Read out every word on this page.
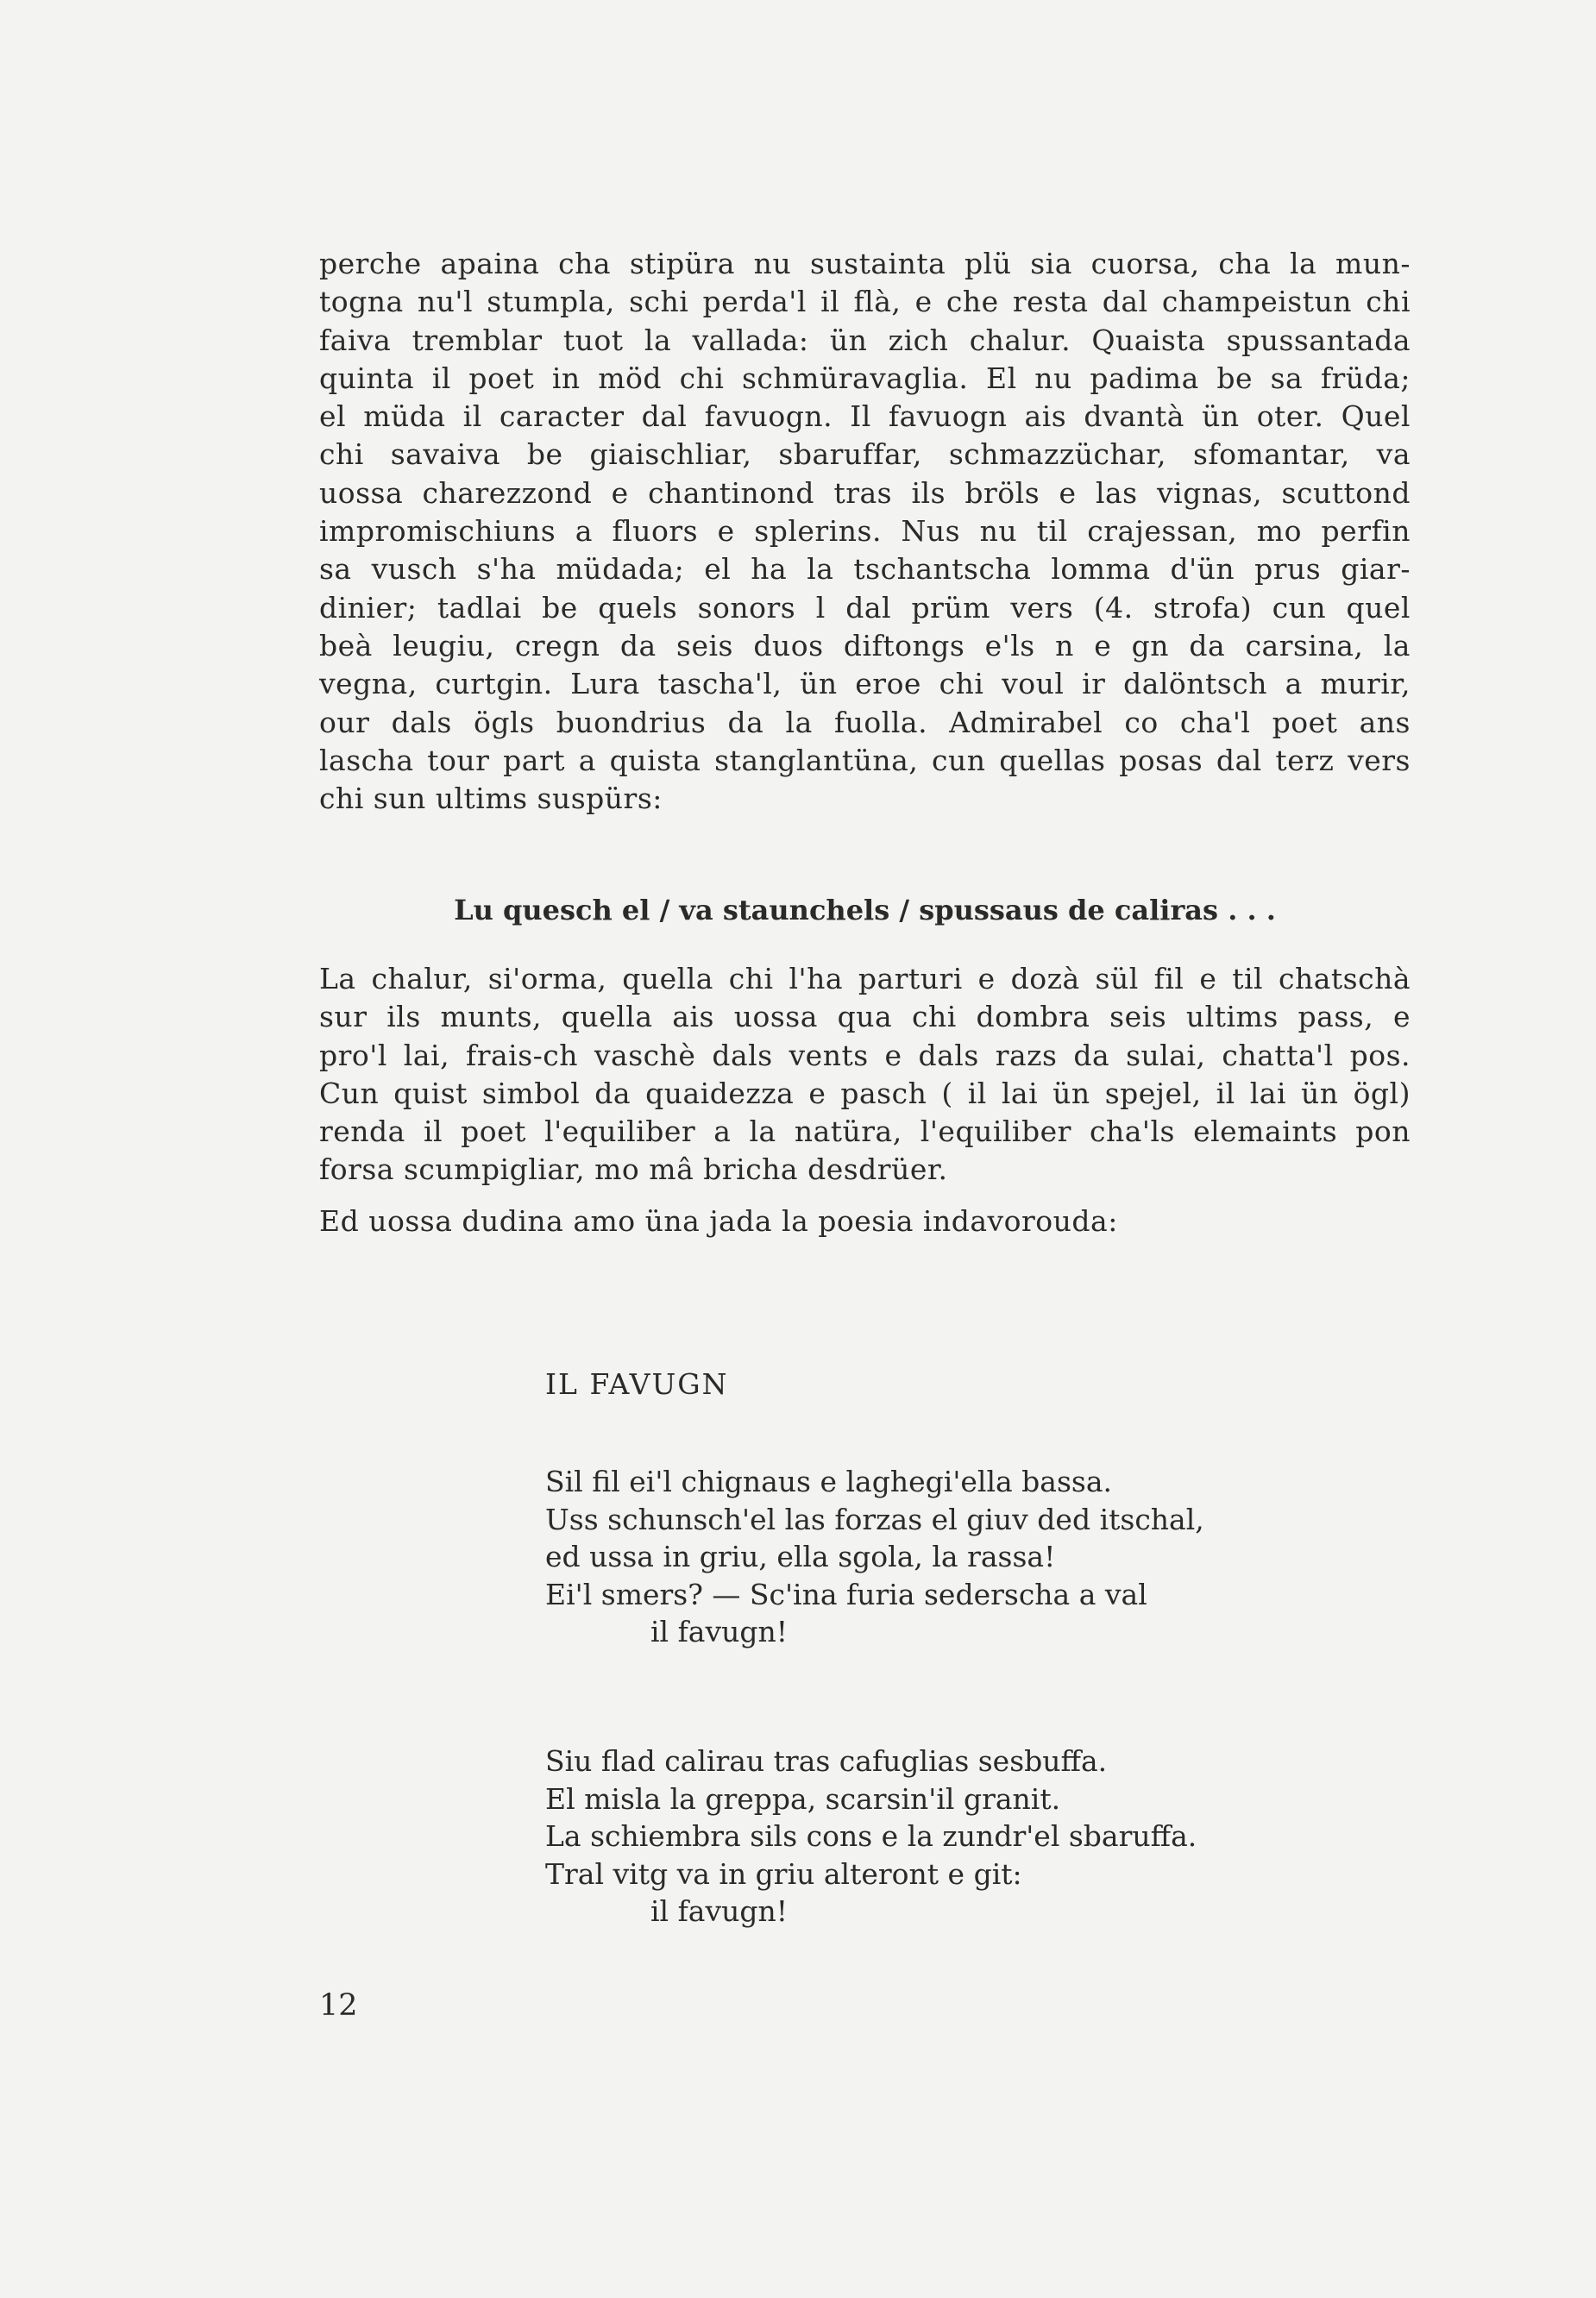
perche apaina cha stipüra nu sustainta plü sia cuorsa, cha la mun-
togna nu'l stumpla, schi perda'l il flà, e che resta dal champeistun chi
faiva tremblar tuot la vallada: ün zich chalur. Quaista spussantada
quinta il poet in möd chi schmüravaglia. El nu padima be sa früda;
el müda il caracter dal favuogn. Il favuogn ais dvantà ün oter. Quel
chi savaiva be giaischliar, sbaruffar, schmazzüchar, sfomantar, va
uossa charezzond e chantinond tras ils bröls e las vignas, scuttond
impromischiuns a fluors e splerins. Nus nu til crajessan, mo perfin
sa vusch s'ha müdada; el ha la tschantscha lomma d'ün prus giar-
dinier; tadlai be quels sonors l dal prüm vers (4. strofa) cun quel
beà leugiu, cregn da seis duos diftongs e'ls n e gn da carsina, la
vegna, curtgin. Lura tascha'l, ün eroe chi voul ir dalöntsch a murir,
our dals ögls buondrius da la fuolla. Admirabel co cha'l poet ans
lascha tour part a quista stanglantüna, cun quellas posas dal terz vers
chi sun ultims suspürs:

Lu quesch el / va staunchels / spussaus de caliras . . .

La chalur, si'orma, quella chi l'ha parturi e dozà sül fil e til chatschà
sur ils munts, quella ais uossa qua chi dombra seis ultims pass, e
pro'l lai, frais-ch vaschè dals vents e dals razs da sulai, chatta'l pos.
Cun quist simbol da quaidezza e pasch ( il lai ün spejel, il lai ün ögl)
renda il poet l'equiliber a la natüra, l'equiliber cha'ls elemaints pon
forsa scumpigliar, mo mâ bricha desdrüer.
Ed uossa dudina amo üna jada la poesia indavorouda:

IL FAVUGN

Sil fil ei'l chignaus e laghegi'ella bassa.
Uss schunsch'el las forzas el giuv ded itschal,
ed ussa in griu, ella sgola, la rassa!
Ei'l smers? — Sc'ina furia sederscha a val
il favugn!
Siu flad calirau tras cafuglias sesbuffa.
El misla la greppa, scarsin'il granit.
La schiembra sils cons e la zundr'el sbaruffa.
Tral vitg va in griu alteront e git:
il favugn!

12
